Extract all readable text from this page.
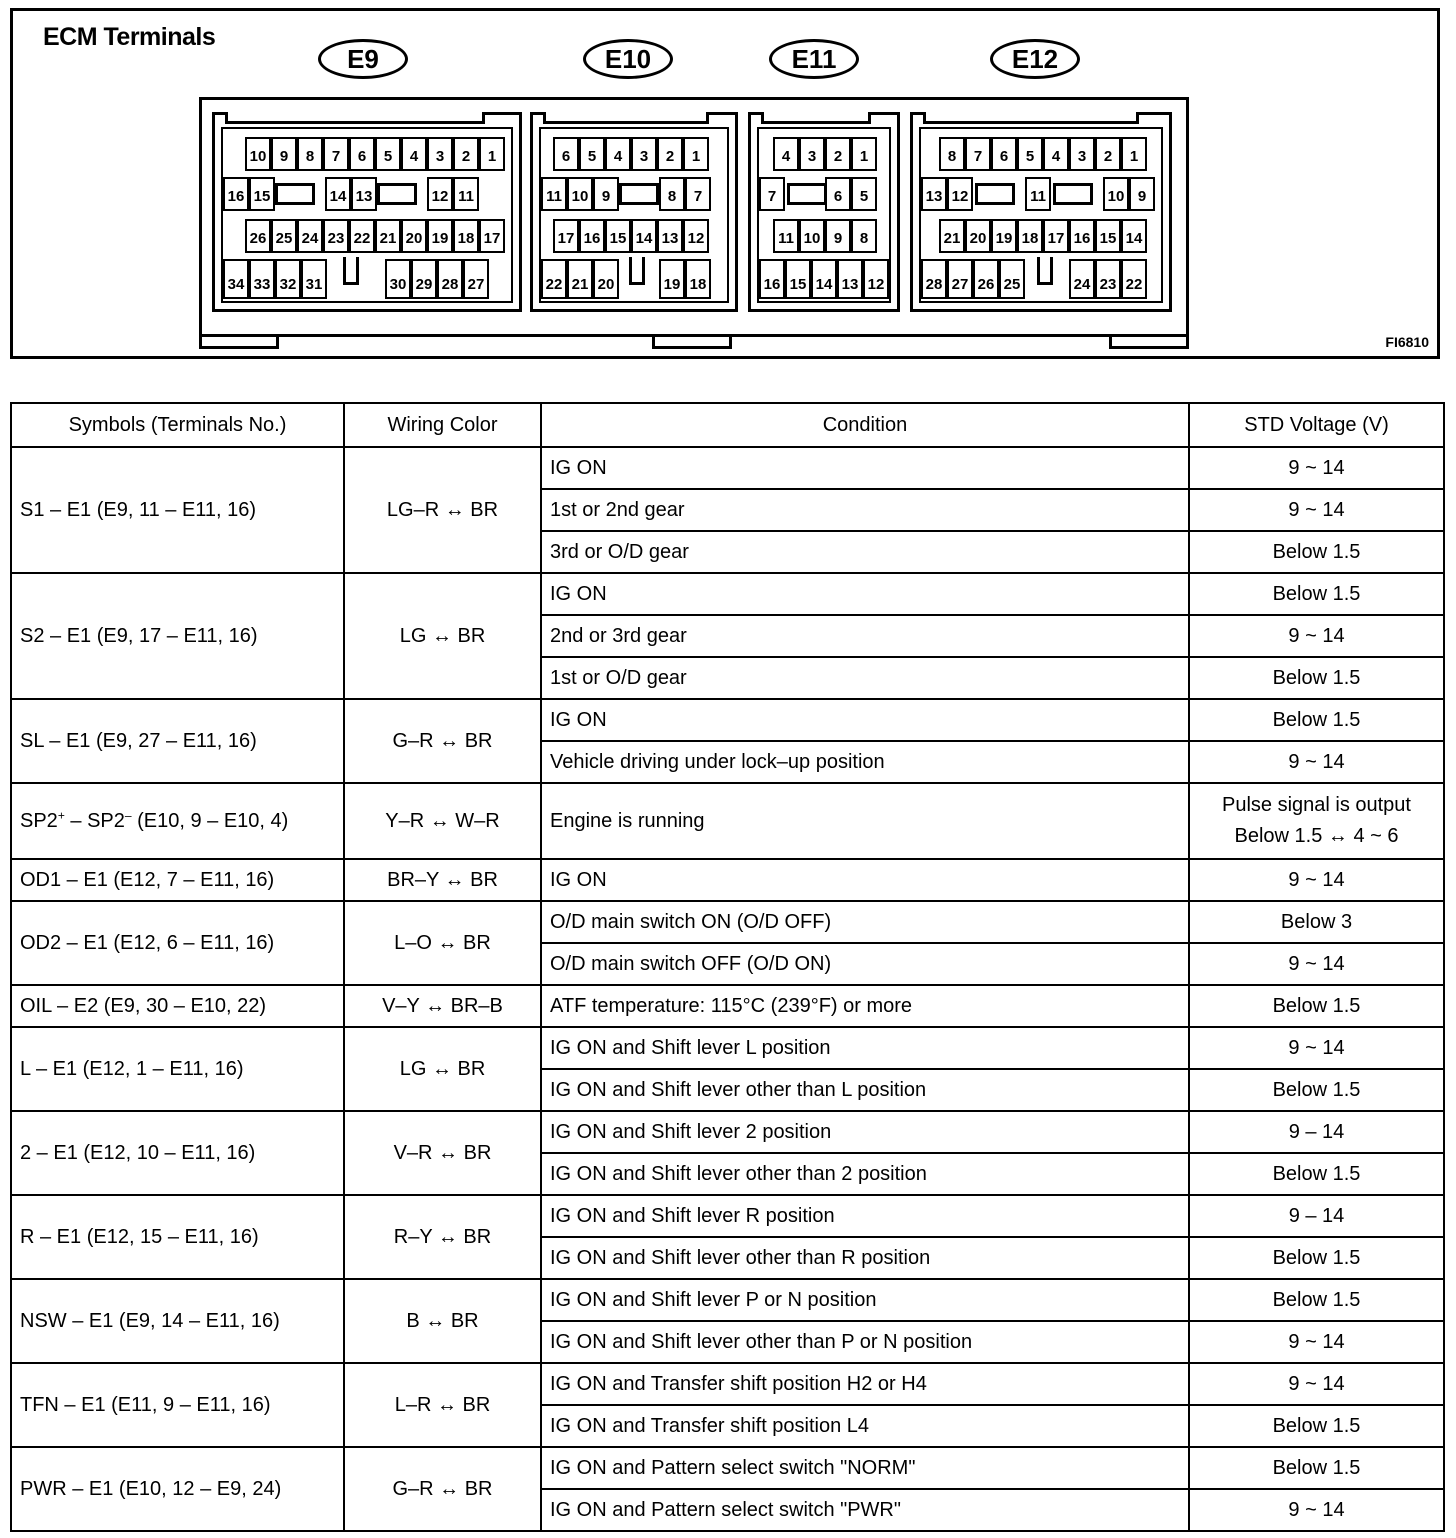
ECM Terminals
E9	E10	E11	E12
10 9	8	7	6	5	4	3	2	1
16 15	14 13	12 11
26 25 24 23 22 21 20 19 18 17
34 33 32 31	30 29 28 27
6	5	4	3	2	1
11 10 9	8	7
17 16 15 14 13 12
22 21 20	19 18
4	3	2	1
7	6	5
11 10 9	8
16 15 14 13 12
8	7	6	5	4	3	2	1
13 12	11	10 9
21 20 19 18 17 16 15 14
28 27 26 25	24 23 22
FI6810
Symbols (Terminals No.)	Wiring Color	Condition	STD Voltage (V)
S1 – E1 (E9, 11 – E11, 16)	LG–R ↔ BR	IG ON	9 ~ 14
		1st or 2nd gear	9 ~ 14
		3rd or O/D gear	Below 1.5
S2 – E1 (E9, 17 – E11, 16)	LG ↔ BR	IG ON	Below 1.5
		2nd or 3rd gear	9 ~ 14
		1st or O/D gear	Below 1.5
SL – E1 (E9, 27 – E11, 16)	G–R ↔ BR	IG ON	Below 1.5
		Vehicle driving under lock–up position	9 ~ 14
SP2+ – SP2– (E10, 9 – E10, 4)	Y–R ↔ W–R	Engine is running	Pulse signal is output
Below 1.5 ↔ 4 ~ 6

OD1 – E1 (E12, 7 – E11, 16)	BR–Y ↔ BR	IG ON	9 ~ 14
OD2 – E1 (E12, 6 – E11, 16)	L–O ↔ BR	O/D main switch ON (O/D OFF)	Below 3
		O/D main switch OFF (O/D ON)	9 ~ 14
OIL – E2 (E9, 30 – E10, 22)	V–Y ↔ BR–B	ATF temperature: 115°C (239°F) or more	Below 1.5
L – E1 (E12, 1 – E11, 16)	LG ↔ BR	IG ON and Shift lever L position	9 ~ 14
		IG ON and Shift lever other than L position	Below 1.5
2 – E1 (E12, 10 – E11, 16)	V–R ↔ BR	IG ON and Shift lever 2 position	9 – 14
		IG ON and Shift lever other than 2 position	Below 1.5
R – E1 (E12, 15 – E11, 16)	R–Y ↔ BR	IG ON and Shift lever R position	9 – 14
		IG ON and Shift lever other than R position	Below 1.5
NSW – E1 (E9, 14 – E11, 16)	B ↔ BR	IG ON and Shift lever P or N position	Below 1.5
		IG ON and Shift lever other than P or N position	9 ~ 14
TFN – E1 (E11, 9 – E11, 16)	L–R ↔ BR	IG ON and Transfer shift position H2 or H4	9 ~ 14
		IG ON and Transfer shift position L4	Below 1.5
PWR – E1 (E10, 12 – E9, 24)	G–R ↔ BR	IG ON and Pattern select switch "NORM"	Below 1.5
		IG ON and Pattern select switch "PWR"	9 ~ 14
